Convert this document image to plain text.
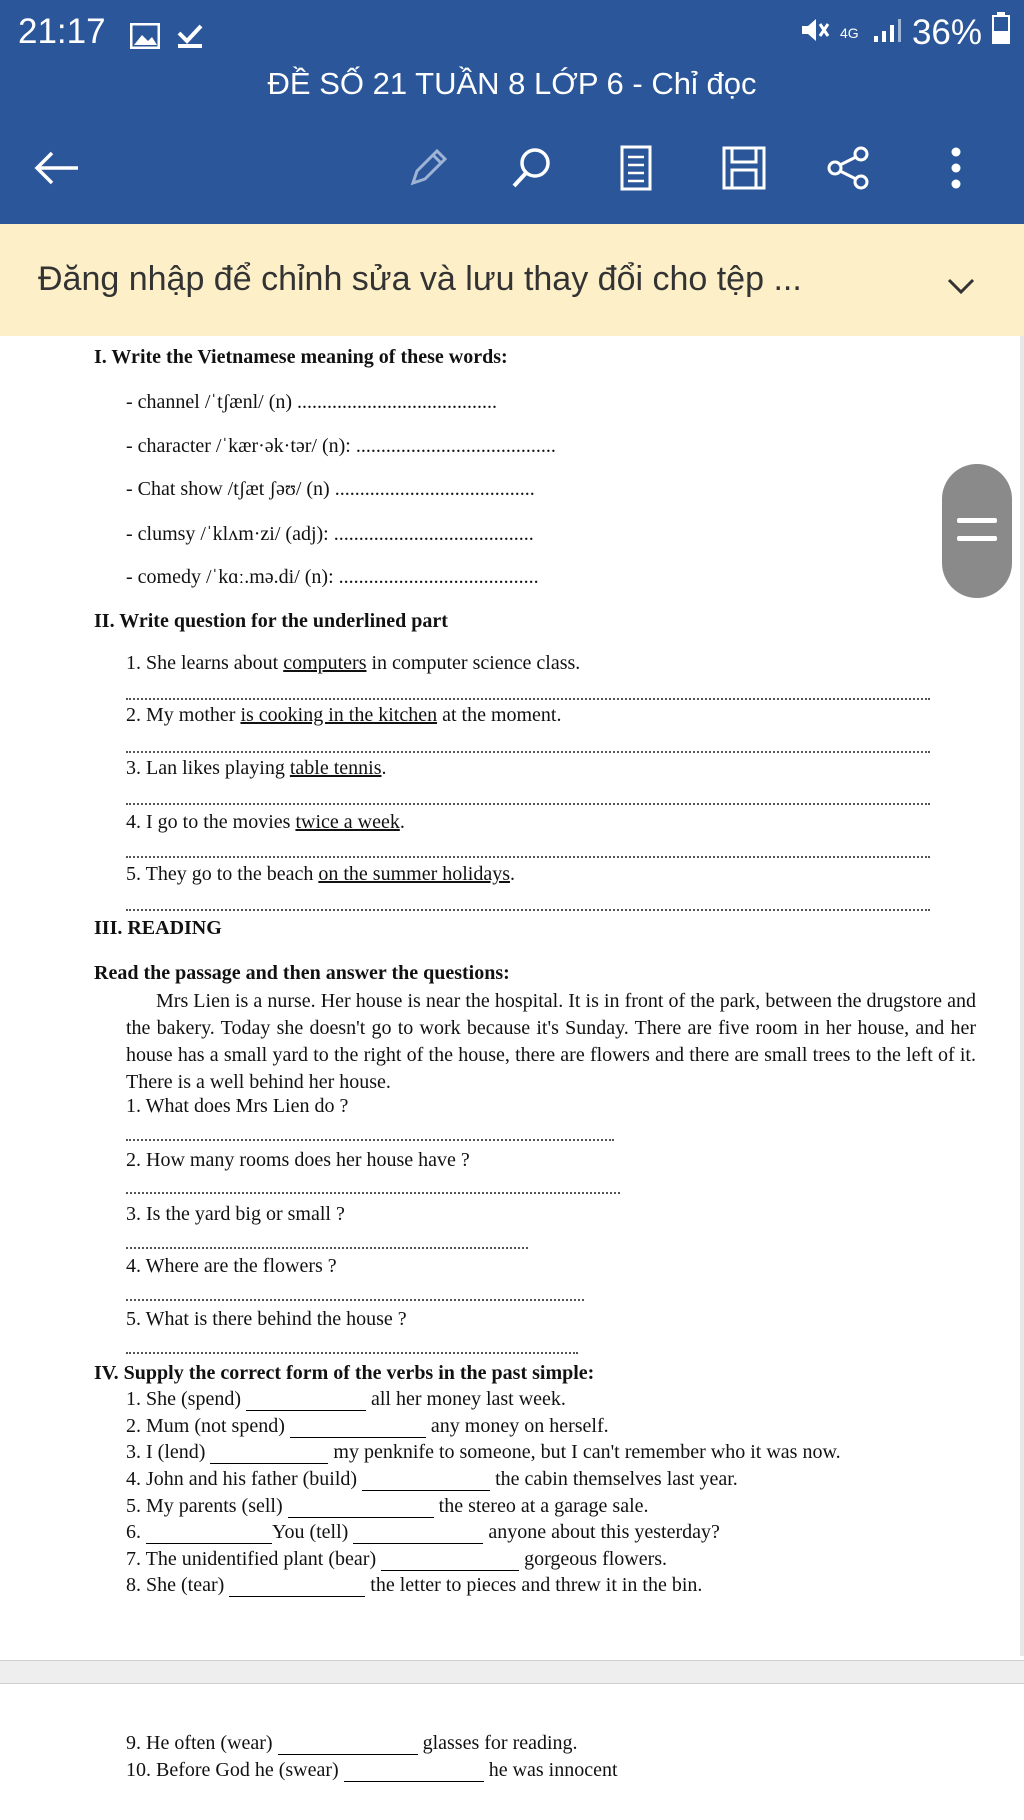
21:17	4G 36%
ĐỀ SỐ 21 TUẦN 8 LỚP 6 - Chỉ đọc
Đăng nhập để chỉnh sửa và lưu thay đổi cho tệp ...
I. Write the Vietnamese meaning of these words:
- channel /ˈtʃænl/ (n) ........................................
- character /ˈkær·ək·tər/ (n): ........................................
- Chat show /tʃæt ʃəʊ/ (n) ........................................
- clumsy /ˈklʌm·zi/ (adj): ........................................
- comedy /ˈkɑː.mə.di/ (n): ........................................
II. Write question for the underlined part
1. She learns about computers in computer science class.
2. My mother is cooking in the kitchen at the moment.
3. Lan likes playing table tennis.
4. I go to the movies twice a week.
5. They go to the beach on the summer holidays.
III. READING
Read the passage and then answer the questions:
Mrs Lien is a nurse. Her house is near the hospital. It is in front of the park, between the drugstore and the bakery. Today she doesn't go to work because it's Sunday. There are five room in her house, and her house has a small yard to the right of the house, there are flowers and there are small trees to the left of it. There is a well behind her house.
1. What does Mrs Lien do ?
2. How many rooms does her house have ?
3. Is the yard big or small ?
4. Where are the flowers ?
5. What is there behind the house ?
IV. Supply the correct form of the verbs in the past simple:
1. She (spend)	all her money last week.
2. Mum (not spend)	any money on herself.
3. I (lend)	my penknife to someone, but I can't remember who it was now.
4. John and his father (build)	the cabin themselves last year.
5. My parents (sell)	the stereo at a garage sale.
6.	You (tell)	anyone about this yesterday?
7. The unidentified plant (bear)	gorgeous flowers.
8. She (tear)	the letter to pieces and threw it in the bin.
9. He often (wear)	glasses for reading.
10. Before God he (swear)	he was innocent
